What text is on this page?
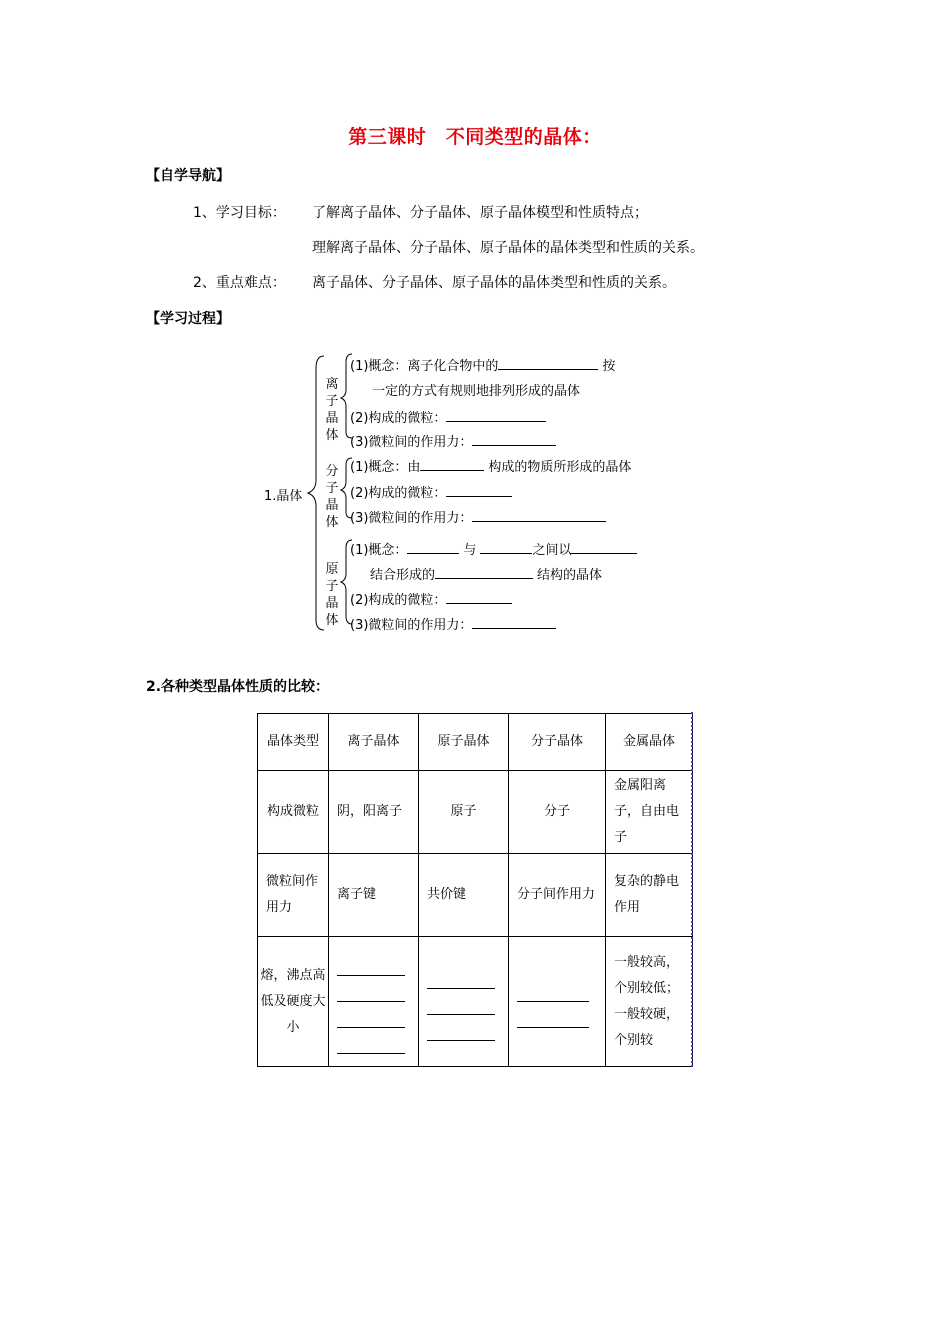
第三课时　不同类型的晶体：
【自学导航】
1、学习目标： 了解离子晶体、分子晶体、原子晶体模型和性质特点；
理解离子晶体、分子晶体、原子晶体的晶体类型和性质的关系。
2、重点难点： 离子晶体、分子晶体、原子晶体的晶体类型和性质的关系。
【学习过程】
1.晶体
离
子
晶
体
(1)概念：离子化合物中的	按
一定的方式有规则地排列形成的晶体
(2)构成的微粒：
(3)微粒间的作用力：
分
子
晶
体
(1)概念：由	构成的物质所形成的晶体
(2)构成的微粒：
(3)微粒间的作用力：
原
子
晶
体
(1)概念：	与	之间以
结合形成的	结构的晶体
(2)构成的微粒：
(3)微粒间的作用力：
2.各种类型晶体性质的比较：
晶体类型	离子晶体	原子晶体	分子晶体	金属晶体
构成微粒	阴，阳离子	原子	分子	金属阳离子，自由电子
微粒间作用力	离子键	共价键	分子间作用力	复杂的静电作用
熔，沸点高低及硬度大小				一般较高，个别较低；一般较硬，个别较
